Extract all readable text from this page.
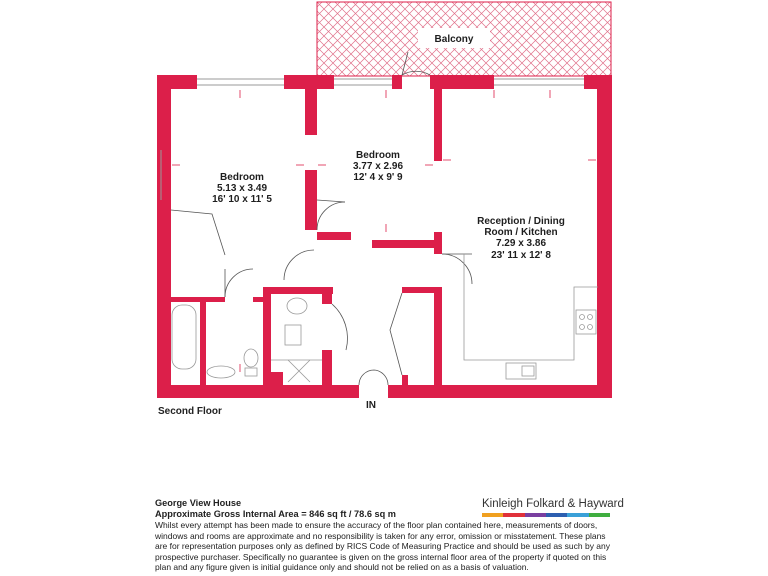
Balcony
Bedroom
5.13 x 3.49
16' 10 x 11' 5
Bedroom
3.77 x 2.96
12' 4 x 9' 9
Reception / Dining
Room / Kitchen
7.29 x 3.86
23' 11 x 12' 8
IN
Second Floor
George View House
Approximate Gross Internal Area = 846 sq ft / 78.6 sq m
Whilst every attempt has been made to ensure the accuracy of the floor plan contained here, measurements of doors, windows and rooms are approximate and no responsibility is taken for any error, omission or misstatement. These plans are for representation purposes only as defined by RICS Code of Measuring Practice and should be used as such by any prospective purchaser. Specifically no guarantee is given on the gross internal floor area of the property if quoted on this plan and any figure given is initial guidance only and should not be relied on as a basis of valuation.
Kinleigh Folkard & Hayward
